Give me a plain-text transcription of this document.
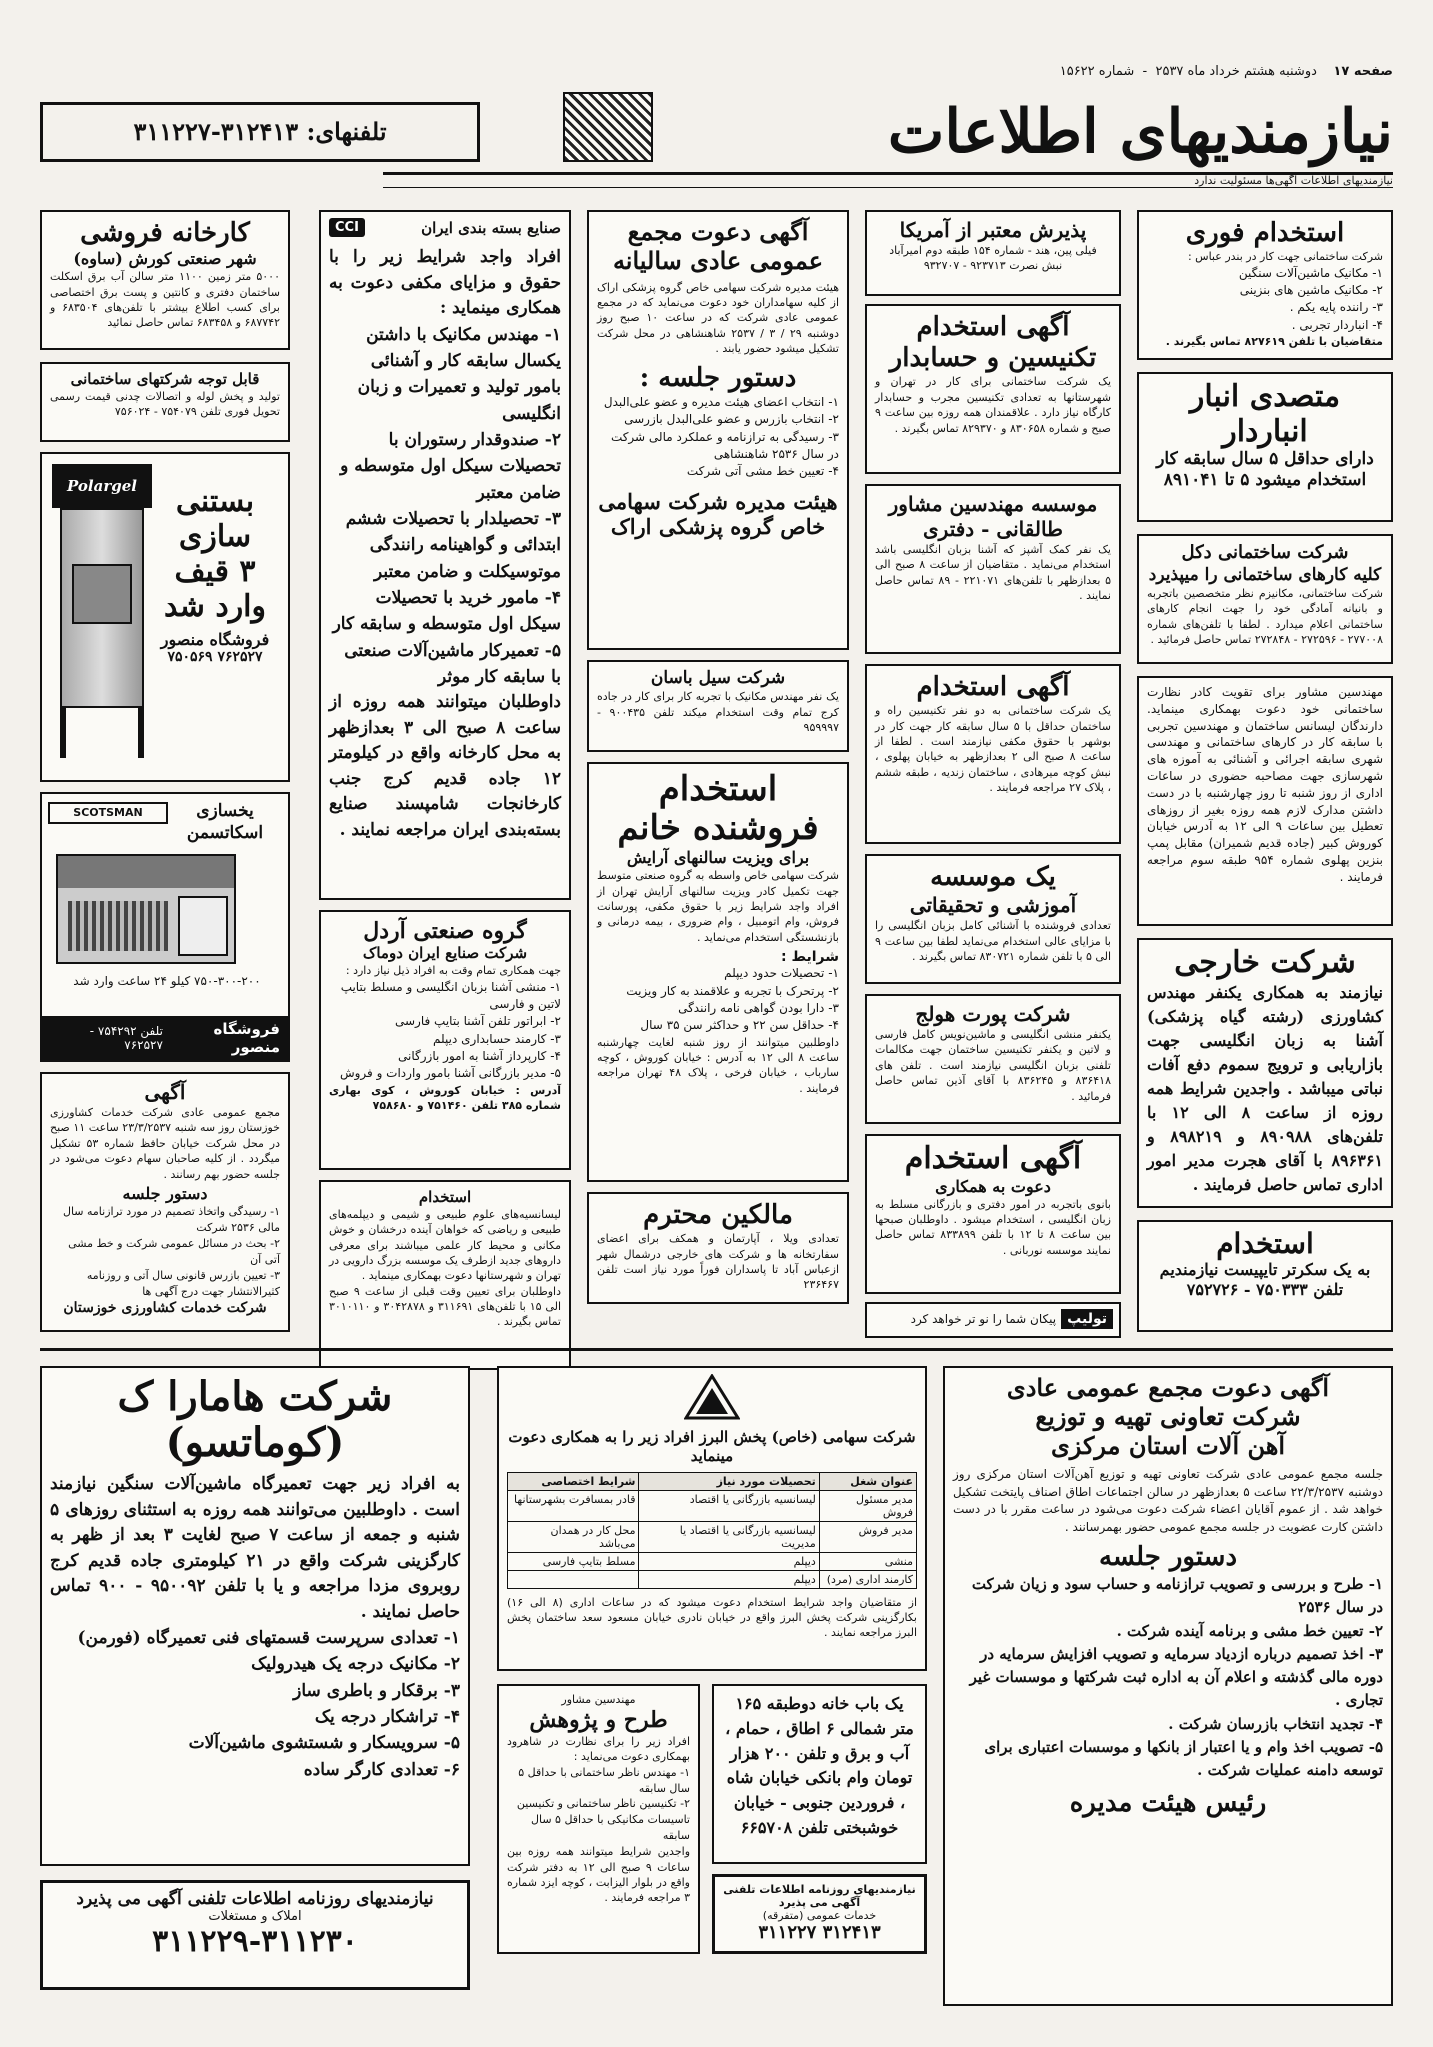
صفحه ۱۷    دوشنبه هشتم خرداد ماه ۲۵۳۷  -  شماره ۱۵۶۲۲
نیازمندیهای اطلاعات
تلفنهای: ۳۱۲۴۱۳-۳۱۱۲۲۷
نیازمندیهای اطلاعات آگهی‌ها مسئولیت ندارد
استخدام فوری
شرکت ساختمانی جهت کار در بندر عباس :
۱- مکانیک ماشین‌آلات سنگین
۲- مکانیک ماشین های بنزینی
۳- راننده پایه یکم .
۴- انباردار تجربی .
متقاضیان با تلفن ۸۲۷۶۱۹ تماس بگیرند .
متصدی انبار
انباردار
دارای حداقل ۵ سال سابقه کار استخدام میشود ۵ تا ۸۹۱۰۴۱
شرکت ساختمانی دکل
کلیه کارهای ساختمانی را میپذیرد
شرکت ساختمانی، مکانیزم نظر متخصصین باتجربه و بانیانه آمادگی خود را جهت انجام کارهای ساختمانی اعلام میدارد . لطفا با تلفن‌های شماره ۲۷۷۰۰۸ - ۲۷۲۵۹۶ - ۲۷۲۸۴۸ تماس حاصل فرمائید .
مهندسین مشاور برای تقویت کادر نظارت ساختمانی خود دعوت بهمکاری مینماید. دارندگان لیسانس ساختمان و مهندسین تجربی با سابقه کار در کارهای ساختمانی و مهندسی شهری سابقه اجرائی و آشنائی به آموزه های شهرسازی جهت مصاحبه حضوری در ساعات اداری از روز شنبه تا روز چهارشنبه با در دست داشتن مدارک لازم همه روزه بغیر از روزهای تعطیل بین ساعات ۹ الی ۱۲ به آدرس خیابان کوروش کبیر (جاده قدیم شمیران) مقابل پمپ بنزین پهلوی شماره ۹۵۴ طبقه سوم مراجعه فرمایند .
شرکت خارجی
نیازمند به همکاری یکنفر مهندس کشاورزی (رشته گیاه پزشکی) آشنا به زبان انگلیسی جهت بازاریابی و ترویج سموم دفع آفات نباتی میباشد . واجدین شرایط همه روزه از ساعت ۸ الی ۱۲ با تلفن‌های ۸۹۰۹۸۸ و ۸۹۸۲۱۹ و ۸۹۶۳۶۱ با آقای هجرت مدیر امور اداری تماس حاصل فرمایند .
استخدام
به یک سکرتر تایپیست نیازمندیم
تلفن ۷۵۰۳۳۳ - ۷۵۲۷۲۶
پذیرش معتبر از آمریکا
فیلی پین، هند - شماره ۱۵۴ طبقه دوم امیرآباد
نبش نصرت ۹۲۳۷۱۳ - ۹۳۲۷۰۷
آگهی استخدام
تکنیسین و حسابدار
یک شرکت ساختمانی برای کار در تهران و شهرستانها به تعدادی تکنیسین مجرب و حسابدار کارگاه نیاز دارد . علاقمندان همه روزه بین ساعت ۹ صبح و شماره ۸۳۰۶۵۸ و ۸۲۹۳۷۰ تماس بگیرند .
موسسه مهندسین مشاور
طالقانی - دفتری
یک نفر کمک آشپز که آشنا بزبان انگلیسی باشد استخدام می‌نماید . متقاضیان از ساعت ۸ صبح الی ۵ بعدازظهر با تلفن‌های ۲۲۱۰۷۱ - ۸۹ تماس حاصل نمایند .
آگهی استخدام
یک شرکت ساختمانی به دو نفر تکنیسین راه و ساختمان حداقل با ۵ سال سابقه کار جهت کار در بوشهر با حقوق مکفی نیازمند است . لطفا از ساعت ۸ صبح الی ۲ بعدازظهر به خیابان پهلوی ، نبش کوچه میرهادی ، ساختمان زندیه ، طبقه ششم ، پلاک ۲۷ مراجعه فرمایند .
یک موسسه
آموزشی و تحقیقاتی
تعدادی فروشنده با آشنائی کامل بزبان انگلیسی را با مزایای عالی استخدام می‌نماید لطفا بین ساعت ۹ الی ۵ با تلفن شماره ۸۳۰۷۲۱ تماس بگیرند .
شرکت پورت هولج
یکنفر منشی انگلیسی و ماشین‌نویس کامل فارسی و لاتین و یکنفر تکنیسین ساختمان جهت مکالمات تلفنی بزبان انگلیسی نیازمند است . تلفن های ۸۳۶۴۱۸ و ۸۳۶۲۴۵ با آقای آذین تماس حاصل فرمائید .
آگهی استخدام
دعوت به همکاری
بانوی باتجربه در امور دفتری و بازرگانی مسلط به زبان انگلیسی ، استخدام میشود . داوطلبان صبحها بین ساعت ۸ تا ۱۲ با تلفن ۸۳۳۸۹۹ تماس حاصل نمایند موسسه نوربانی .
تولیپ پیکان شما را نو تر خواهد کرد
آگهی دعوت مجمع
عمومی عادی سالیانه
هیئت مدیره شرکت سهامی خاص گروه پزشکی اراک از کلیه سهامداران خود دعوت می‌نماید که در مجمع عمومی عادی شرکت که در ساعت ۱۰ صبح روز دوشنبه ۲۹ / ۳ / ۲۵۳۷ شاهنشاهی در محل شرکت تشکیل میشود حضور یابند .
دستور جلسه :
۱- انتخاب اعضای هیئت مدیره و عضو علی‌البدل
۲- انتخاب بازرس و عضو علی‌البدل بازرسی
۳- رسیدگی به ترازنامه و عملکرد مالی شرکت در سال ۲۵۳۶ شاهنشاهی
۴- تعیین خط مشی آتی شرکت
هیئت مدیره شرکت سهامی خاص گروه پزشکی اراک
شرکت سیل باسان
یک نفر مهندس مکانیک با تجربه کار برای کار در جاده کرج تمام وقت استخدام میکند تلفن ۹۰۰۴۳۵ - ۹۵۹۹۹۷
استخدام
فروشنده خانم
برای ویزیت سالنهای آرایش
شرکت سهامی خاص واسطه به گروه صنعتی متوسط جهت تکمیل کادر ویزیت سالنهای آرایش تهران از افراد واجد شرایط زیر با حقوق مکفی، پورسانت فروش، وام اتومبیل ، وام ضروری ، بیمه درمانی و بازنشستگی استخدام می‌نماید .
شرایط :
۱- تحصیلات حدود دیپلم
۲- پرتحرک با تجربه و علاقمند به کار ویزیت
۳- دارا بودن گواهی نامه رانندگی
۴- حداقل سن ۲۲ و حداکثر سن ۳۵ سال
داوطلبین میتوانند از روز شنبه لغایت چهارشنبه ساعت ۸ الی ۱۲ به آدرس : خیابان کوروش ، کوچه سارباب ، خیابان فرخی ، پلاک ۴۸ تهران مراجعه فرمایند .
مالکین محترم
تعدادی ویلا ، آپارتمان و همکف برای اعضای سفارتخانه ها و شرکت های خارجی درشمال شهر ازعباس آباد تا پاسداران فوراً مورد نیاز است تلفن ۲۳۶۴۶۷
صنایع بسته بندی ایران
CCI
افراد واجد شرایط زیر را با حقوق و مزایای مکفی دعوت به همکاری مینماید :
۱- مهندس مکانیک با داشتن یکسال سابقه کار و آشنائی بامور تولید و تعمیرات و زبان انگلیسی
۲- صندوقدار رستوران با تحصیلات سیکل اول متوسطه و ضامن معتبر
۳- تحصیلدار با تحصیلات ششم ابتدائی و گواهینامه رانندگی موتوسیکلت و ضامن معتبر
۴- مامور خرید با تحصیلات سیکل اول متوسطه و سابقه کار
۵- تعمیرکار ماشین‌آلات صنعتی با سابقه کار موثر
داوطلبان میتوانند همه روزه از ساعت ۸ صبح الی ۳ بعدازظهر به محل کارخانه واقع در کیلومتر ۱۲ جاده قدیم کرج جنب کارخانجات شامپسند صنایع بسته‌بندی ایران مراجعه نمایند .
گروه صنعتی آردل
شرکت صنایع ایران دوماک
جهت همکاری تمام وقت به افراد ذیل نیاز دارد :
۱- منشی آشنا بزبان انگلیسی و مسلط بتایپ لاتین و فارسی
۲- ابراتور تلفن آشنا بتایپ فارسی
۳- کارمند حسابداری دیپلم
۴- کارپرداز آشنا به امور بازرگانی
۵- مدیر بازرگانی آشنا بامور واردات و فروش
آدرس : خیابان کوروش ، کوی بهاری شماره ۳۸۵ تلفن ۷۵۱۴۶۰ و ۷۵۸۶۸۰
استخدام
لیسانسیه‌های علوم طبیعی و شیمی و دیپلمه‌های طبیعی و ریاضی که خواهان آینده درخشان و خوش مکانی و محیط کار علمی میباشند برای معرفی داروهای جدید ازطرف یک موسسه بزرگ دارویی در تهران و شهرستانها دعوت بهمکاری مینماید .
داوطلبان برای تعیین وقت قبلی از ساعت ۹ صبح الی ۱۵ با تلفن‌های ۳۱۱۶۹۱ و ۳۰۴۲۸۷۸ و ۳۰۱۰۱۱۰ تماس بگیرند .
کارخانه فروشی
شهر صنعتی کورش (ساوه)
۵۰۰۰ متر زمین ۱۱۰۰ متر سالن آب برق اسکلت ساختمان دفتری و کانتین و پست برق اختصاصی برای کسب اطلاع بیشتر با تلفن‌های ۶۸۳۵۰۴ و ۶۸۷۷۴۲ و ۶۸۳۴۵۸ تماس حاصل نمائید
قابل توجه شرکتهای ساختمانی
تولید و پخش لوله و اتصالات چدنی قیمت رسمی تحویل فوری تلفن ۷۵۴۰۷۹ - ۷۵۶۰۲۴
Polargel	بستنی
سازی
۳ قیف
وارد شد
فروشگاه منصور
۷۶۲۵۲۷ ۷۵۰۵۶۹
SCOTSMAN	یخسازی اسکاتسمن
۷۵۰-۳۰۰-۲۰۰ کیلو ۲۴ ساعت وارد شد
فروشگاه منصور
تلفن ۷۵۴۲۹۲ - ۷۶۲۵۲۷
آگهی
مجمع عمومی عادی شرکت خدمات کشاورزی خوزستان روز سه شنبه ۲۳/۳/۲۵۳۷ ساعت ۱۱ صبح در محل شرکت خیابان حافظ شماره ۵۳ تشکیل میگردد . از کلیه صاحبان سهام دعوت می‌شود در جلسه حضور بهم رسانند .
دستور جلسه
۱- رسیدگی واتخاذ تصمیم در مورد ترازنامه سال مالی ۲۵۳۶ شرکت
۲- بحث در مسائل عمومی شرکت و خط مشی آتی آن
۳- تعیین بازرس قانونی سال آتی و روزنامه کثیرالانتشار جهت درج آگهی ها
شرکت خدمات کشاورزی خوزستان
آگهی دعوت مجمع عمومی عادی
شرکت تعاونی تهیه و توزیع
آهن آلات استان مرکزی
جلسه مجمع عمومی عادی شرکت تعاونی تهیه و توزیع آهن‌آلات استان مرکزی روز دوشنبه ۲۲/۳/۲۵۳۷ ساعت ۵ بعدازظهر در سالن اجتماعات اطاق اصناف پایتخت تشکیل خواهد شد . از عموم آقایان اعضاء شرکت دعوت می‌شود در ساعت مقرر با در دست داشتن کارت عضویت در جلسه مجمع عمومی حضور بهمرسانند .
دستور جلسه
۱- طرح و بررسی و تصویب ترازنامه و حساب سود و زیان شرکت در سال ۲۵۳۶
۲- تعیین خط مشی و برنامه آینده شرکت .
۳- اخذ تصمیم درباره ازدیاد سرمایه و تصویب افزایش سرمایه در دوره مالی گذشته و اعلام آن به اداره ثبت شرکتها و موسسات غیر تجاری .
۴- تجدید انتخاب بازرسان شرکت .
۵- تصویب اخذ وام و یا اعتبار از بانکها و موسسات اعتباری برای توسعه دامنه عملیات شرکت .
رئیس هیئت مدیره
شرکت سهامی (خاص) پخش البرز افراد زیر را به همکاری دعوت مینماید
عنوان شغل	تحصیلات مورد نیاز	شرایط اختصاصی
مدیر مسئول فروش	لیسانسیه بازرگانی یا اقتصاد	قادر بمسافرت بشهرستانها
مدیر فروش	لیسانسیه بازرگانی یا اقتصاد یا مدیریت	محل کار در همدان می‌باشد
منشی	دیپلم	مسلط بتایپ فارسی
کارمند اداری (مرد)	دیپلم	
از متقاضیان واجد شرایط استخدام دعوت میشود که در ساعات اداری (۸ الی ۱۶) بکارگزینی شرکت پخش البرز واقع در خیابان نادری خیابان مسعود سعد ساختمان پخش البرز مراجعه نمایند .
شرکت هامارا ک
(کوماتسو)
به افراد زیر جهت تعمیرگاه ماشین‌آلات سنگین نیازمند است . داوطلبین می‌توانند همه روزه به استثنای روزهای ۵ شنبه و جمعه از ساعت ۷ صبح لغایت ۳ بعد از ظهر به کارگزینی شرکت واقع در ۲۱ کیلومتری جاده قدیم کرج روبروی مزدا مراجعه و یا با تلفن ۹۵۰۰۹۲ - ۹۰۰ تماس حاصل نمایند .
۱- تعدادی سرپرست قسمتهای فنی تعمیرگاه (فورمن)
۲- مکانیک درجه یک هیدرولیک
۳- برقکار و باطری ساز
۴- تراشکار درجه یک
۵- سرویسکار و شستشوی ماشین‌آلات
۶- تعدادی کارگر ساده
یک باب خانه دوطبقه ۱۶۵ متر شمالی ۶ اطاق ، حمام ، آب و برق و تلفن ۲۰۰ هزار تومان وام بانکی خیابان شاه ، فروردین جنوبی - خیابان خوشبختی تلفن ۶۶۵۷۰۸
مهندسین مشاور
طرح و پژوهش
افراد زیر را برای نظارت در شاهرود بهمکاری دعوت می‌نماید :
۱- مهندس ناظر ساختمانی با حداقل ۵ سال سابقه
۲- تکنیسین ناظر ساختمانی و تکنیسین تاسیسات مکانیکی با حداقل ۵ سال سابقه
واجدین شرایط میتوانند همه روزه بین ساعات ۹ صبح الی ۱۲ به دفتر شرکت واقع در بلوار الیزابت ، کوچه ایزد شماره ۳ مراجعه فرمایند .
نیازمندیهای روزنامه اطلاعات تلفنی آگهی می پذیرد
خدمات عمومی (متفرقه)
۳۱۲۴۱۳ ۳۱۱۲۲۷
نیازمندیهای روزنامه اطلاعات تلفنی آگهی می پذیرد
املاک و مستغلات
۳۱۱۲۲۹-۳۱۱۲۳۰
